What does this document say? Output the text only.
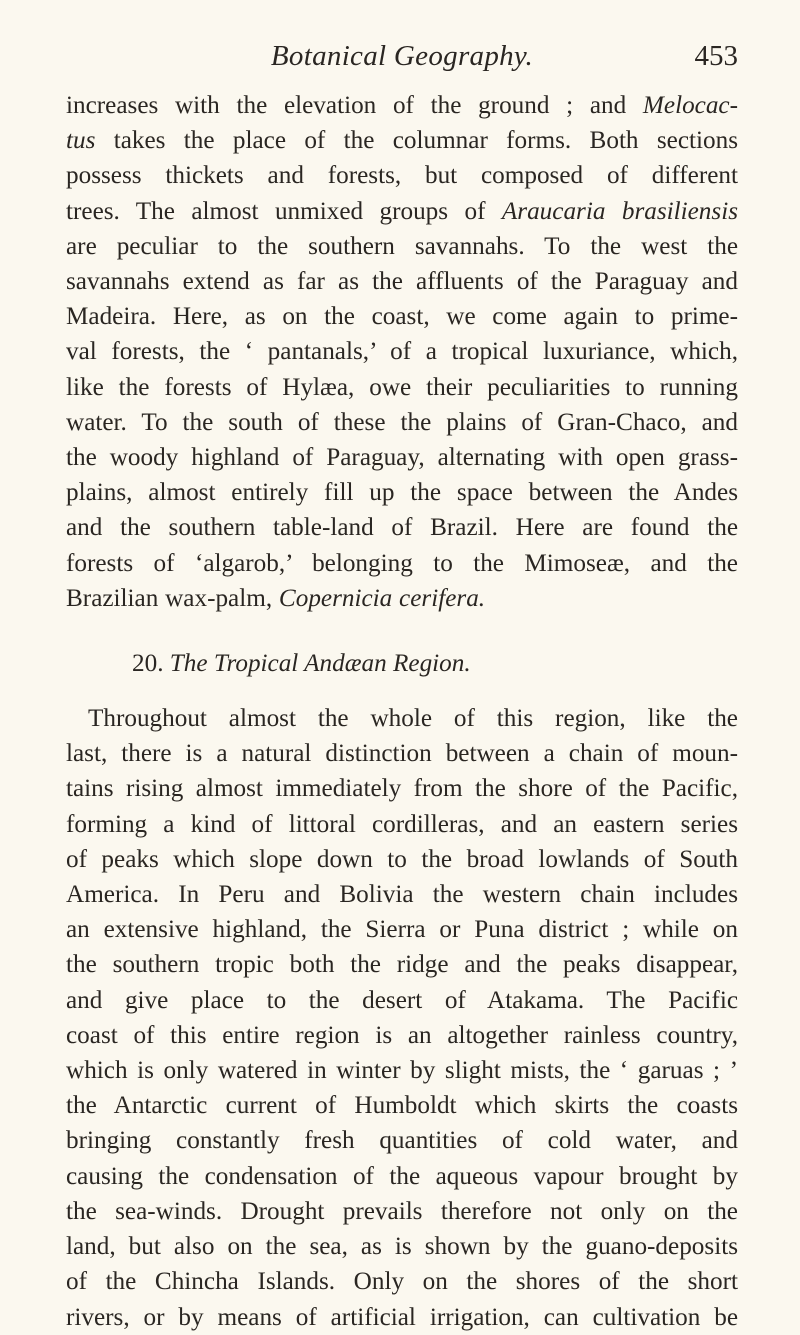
Botanical Geography.	453
increases with the elevation of the ground ; and Melocac-
tus takes the place of the columnar forms. Both sections
possess thickets and forests, but composed of different
trees. The almost unmixed groups of Araucaria brasiliensis
are peculiar to the southern savannahs. To the west the
savannahs extend as far as the affluents of the Paraguay and
Madeira. Here, as on the coast, we come again to prime-
val forests, the ‘ pantanals,’ of a tropical luxuriance, which,
like the forests of Hylæa, owe their peculiarities to running
water. To the south of these the plains of Gran-Chaco, and
the woody highland of Paraguay, alternating with open grass-
plains, almost entirely fill up the space between the Andes
and the southern table-land of Brazil. Here are found the
forests of ‘algarob,’ belonging to the Mimoseæ, and the
Brazilian wax-palm, Copernicia cerifera.
20. The Tropical Andæan Region.
Throughout almost the whole of this region, like the
last, there is a natural distinction between a chain of moun-
tains rising almost immediately from the shore of the Pacific,
forming a kind of littoral cordilleras, and an eastern series
of peaks which slope down to the broad lowlands of South
America. In Peru and Bolivia the western chain includes
an extensive highland, the Sierra or Puna district ; while on
the southern tropic both the ridge and the peaks disappear,
and give place to the desert of Atakama. The Pacific
coast of this entire region is an altogether rainless country,
which is only watered in winter by slight mists, the ‘ garuas ; ’
the Antarctic current of Humboldt which skirts the coasts
bringing constantly fresh quantities of cold water, and
causing the condensation of the aqueous vapour brought by
the sea-winds. Drought prevails therefore not only on the
land, but also on the sea, as is shown by the guano-deposits
of the Chincha Islands. Only on the shores of the short
rivers, or by means of artificial irrigation, can cultivation be
